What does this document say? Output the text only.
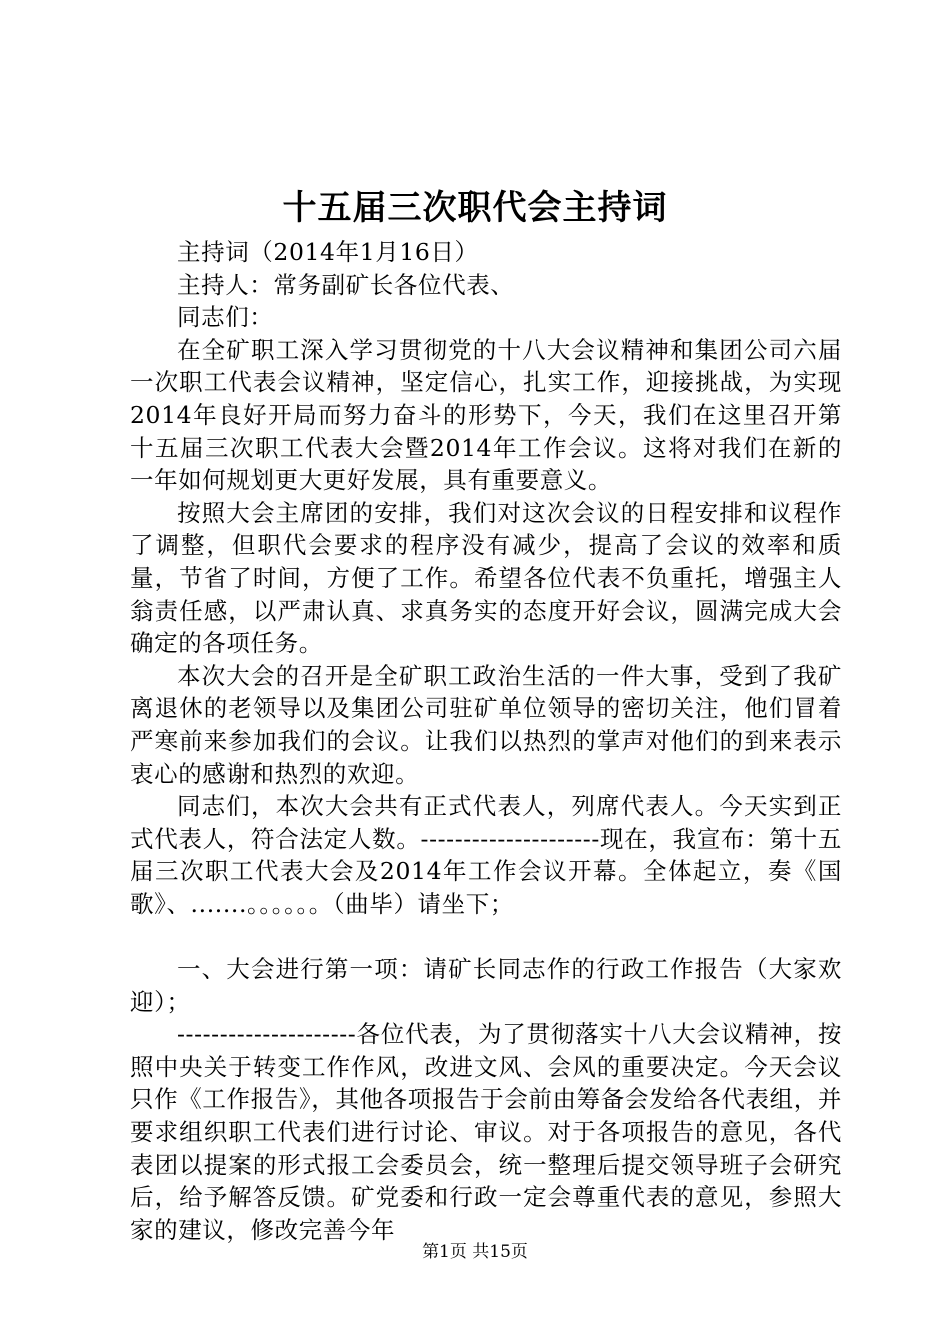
十五届三次职代会主持词

主持词（2014年1月16日）

主持人：常务副矿长各位代表、

同志们：

在全矿职工深入学习贯彻党的十八大会议精神和集团公司六届一次职工代表会议精神，坚定信心，扎实工作，迎接挑战，为实现2014年良好开局而努力奋斗的形势下，今天，我们在这里召开第十五届三次职工代表大会暨2014年工作会议。这将对我们在新的一年如何规划更大更好发展，具有重要意义。

按照大会主席团的安排，我们对这次会议的日程安排和议程作了调整，但职代会要求的程序没有减少，提高了会议的效率和质量，节省了时间，方便了工作。希望各位代表不负重托，增强主人翁责任感，以严肃认真、求真务实的态度开好会议，圆满完成大会确定的各项任务。

本次大会的召开是全矿职工政治生活的一件大事，受到了我矿离退休的老领导以及集团公司驻矿单位领导的密切关注，他们冒着严寒前来参加我们的会议。让我们以热烈的掌声对他们的到来表示衷心的感谢和热烈的欢迎。

同志们，本次大会共有正式代表人，列席代表人。今天实到正式代表人，符合法定人数。---------------------现在，我宣布：第十五届三次职工代表大会及2014年工作会议开幕。全体起立，奏《国歌》、.......。。。。。。（曲毕）请坐下；

一、大会进行第一项：请矿长同志作的行政工作报告（大家欢迎）；

---------------------各位代表，为了贯彻落实十八大会议精神，按照中央关于转变工作作风，改进文风、会风的重要决定。今天会议只作《工作报告》，其他各项报告于会前由筹备会发给各代表组，并要求组织职工代表们进行讨论、审议。对于各项报告的意见，各代表团以提案的形式报工会委员会，统一整理后提交领导班子会研究后，给予解答反馈。矿党委和行政一定会尊重代表的意见，参照大家的建议，修改完善今年

第1页 共15页
